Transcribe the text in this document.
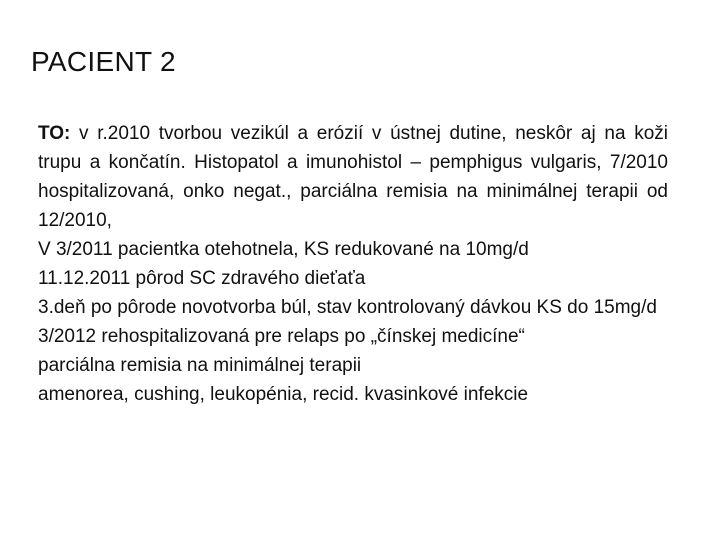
PACIENT 2

TO: v r.2010 tvorbou vezikúl a erózií v ústnej dutine, neskôr aj na koži trupu a končatín. Histopatol a imunohistol – pemphigus vulgaris, 7/2010 hospitalizovaná, onko negat., parciálna remisia na minimálnej terapii od 12/2010,

V 3/2011 pacientka otehotnela, KS redukované na 10mg/d
11.12.2011 pôrod SC zdravého dieťaťa

3.deň po pôrode novotvorba búl, stav kontrolovaný dávkou KS do 15mg/d

3/2012 rehospitalizovaná pre relaps po „čínskej medicíne“
parciálna remisia na minimálnej terapii
amenorea, cushing, leukopénia, recid. kvasinkové infekcie
